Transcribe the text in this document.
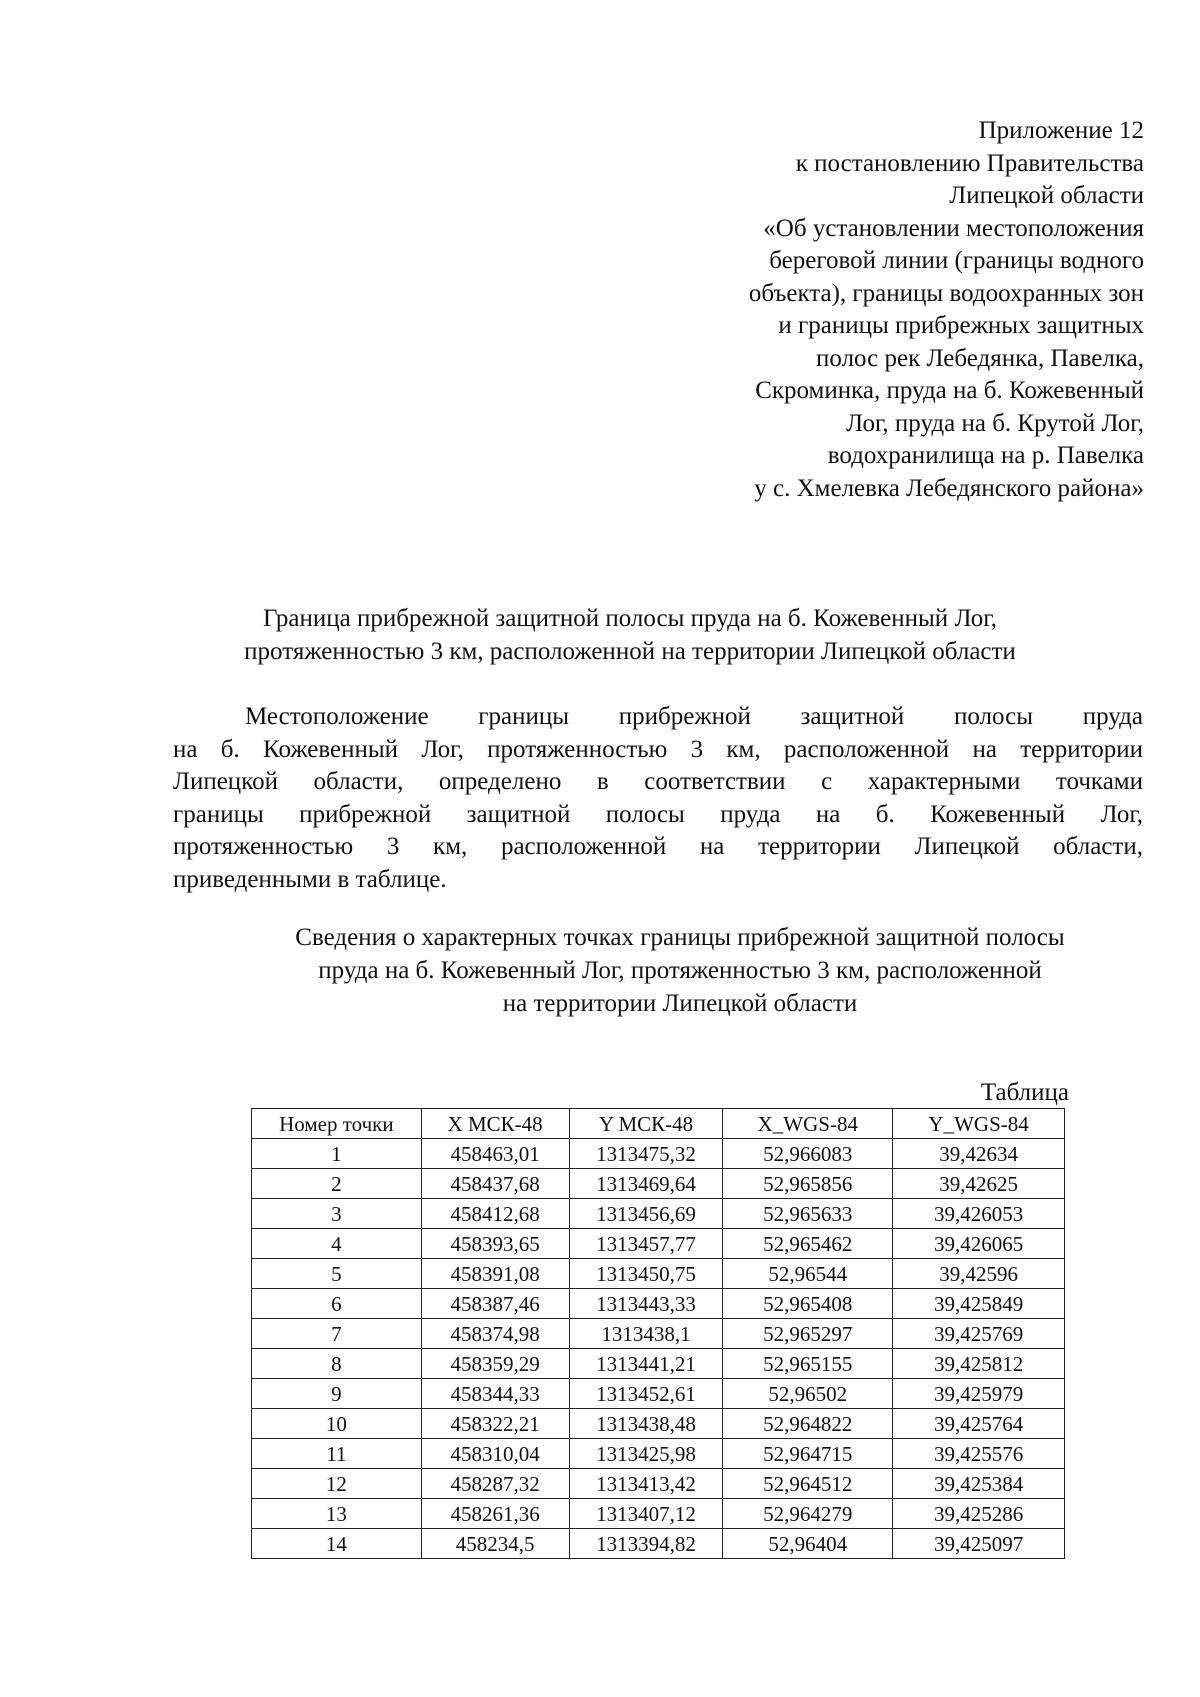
Приложение 12
к постановлению Правительства
Липецкой области
«Об установлении местоположения
береговой линии (границы водного
объекта), границы водоохранных зон
и границы прибрежных защитных
полос рек Лебедянка, Павелка,
Скроминка, пруда на б. Кожевенный
Лог, пруда на б. Крутой Лог,
водохранилища на р. Павелка
у с. Хмелевка Лебедянского района»
Граница прибрежной защитной полосы пруда на б. Кожевенный Лог,
протяженностью 3 км, расположенной на территории Липецкой области
Местоположение границы прибрежной защитной полосы пруда
на б. Кожевенный Лог, протяженностью 3 км, расположенной на территории
Липецкой области, определено в соответствии с характерными точками
границы прибрежной защитной полосы пруда на б. Кожевенный Лог,
протяженностью 3 км, расположенной на территории Липецкой области,
приведенными в таблице.
Сведения о характерных точках границы прибрежной защитной полосы
пруда на б. Кожевенный Лог, протяженностью 3 км, расположенной
на территории Липецкой области
Таблица
Номер точки	X МСК-48	Y МСК-48	X_WGS-84	Y_WGS-84
1	458463,01	1313475,32	52,966083	39,42634
2	458437,68	1313469,64	52,965856	39,42625
3	458412,68	1313456,69	52,965633	39,426053
4	458393,65	1313457,77	52,965462	39,426065
5	458391,08	1313450,75	52,96544	39,42596
6	458387,46	1313443,33	52,965408	39,425849
7	458374,98	1313438,1	52,965297	39,425769
8	458359,29	1313441,21	52,965155	39,425812
9	458344,33	1313452,61	52,96502	39,425979
10	458322,21	1313438,48	52,964822	39,425764
11	458310,04	1313425,98	52,964715	39,425576
12	458287,32	1313413,42	52,964512	39,425384
13	458261,36	1313407,12	52,964279	39,425286
14	458234,5	1313394,82	52,96404	39,425097
